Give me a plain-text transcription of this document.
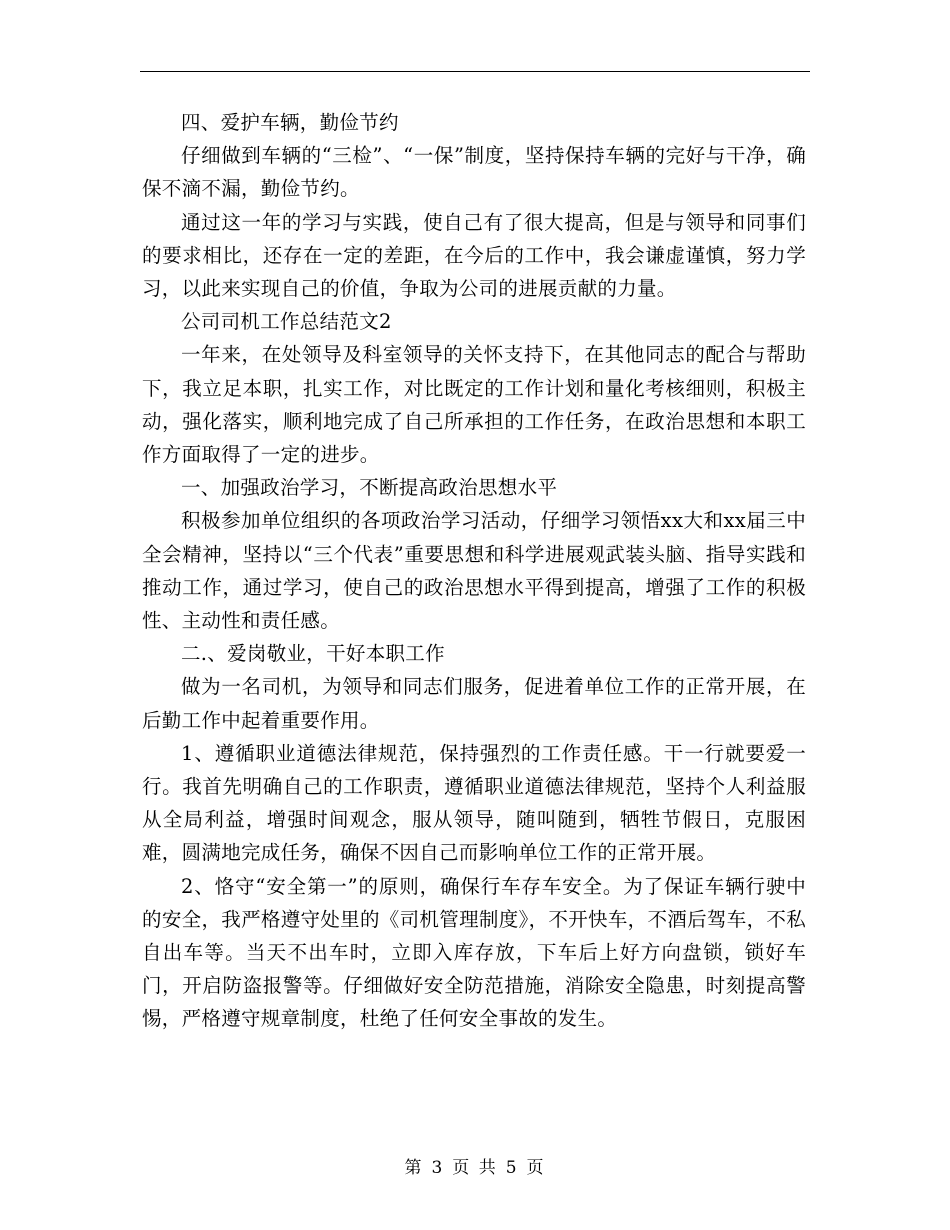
四、爱护车辆，勤俭节约

仔细做到车辆的“三检”、“一保”制度，坚持保持车辆的完好与干净，确保不滴不漏，勤俭节约。

通过这一年的学习与实践，使自己有了很大提高，但是与领导和同事们的要求相比，还存在一定的差距，在今后的工作中，我会谦虚谨慎，努力学习，以此来实现自己的价值，争取为公司的进展贡献的力量。

公司司机工作总结范文2

一年来，在处领导及科室领导的关怀支持下，在其他同志的配合与帮助下，我立足本职，扎实工作，对比既定的工作计划和量化考核细则，积极主动，强化落实，顺利地完成了自己所承担的工作任务，在政治思想和本职工作方面取得了一定的进步。

一、加强政治学习，不断提高政治思想水平

积极参加单位组织的各项政治学习活动，仔细学习领悟xx大和xx届三中全会精神，坚持以“三个代表”重要思想和科学进展观武装头脑、指导实践和推动工作，通过学习，使自己的政治思想水平得到提高，增强了工作的积极性、主动性和责任感。

二.、爱岗敬业，干好本职工作

做为一名司机，为领导和同志们服务，促进着单位工作的正常开展，在后勤工作中起着重要作用。

1、遵循职业道德法律规范，保持强烈的工作责任感。干一行就要爱一行。我首先明确自己的工作职责，遵循职业道德法律规范，坚持个人利益服从全局利益，增强时间观念，服从领导，随叫随到，牺牲节假日，克服困难，圆满地完成任务，确保不因自己而影响单位工作的正常开展。

2、恪守“安全第一”的原则，确保行车存车安全。为了保证车辆行驶中的安全，我严格遵守处里的《司机管理制度》，不开快车，不酒后驾车，不私自出车等。当天不出车时，立即入库存放，下车后上好方向盘锁，锁好车门，开启防盗报警等。仔细做好安全防范措施，消除安全隐患，时刻提高警惕，严格遵守规章制度，杜绝了任何安全事故的发生。

第 3 页 共 5 页
